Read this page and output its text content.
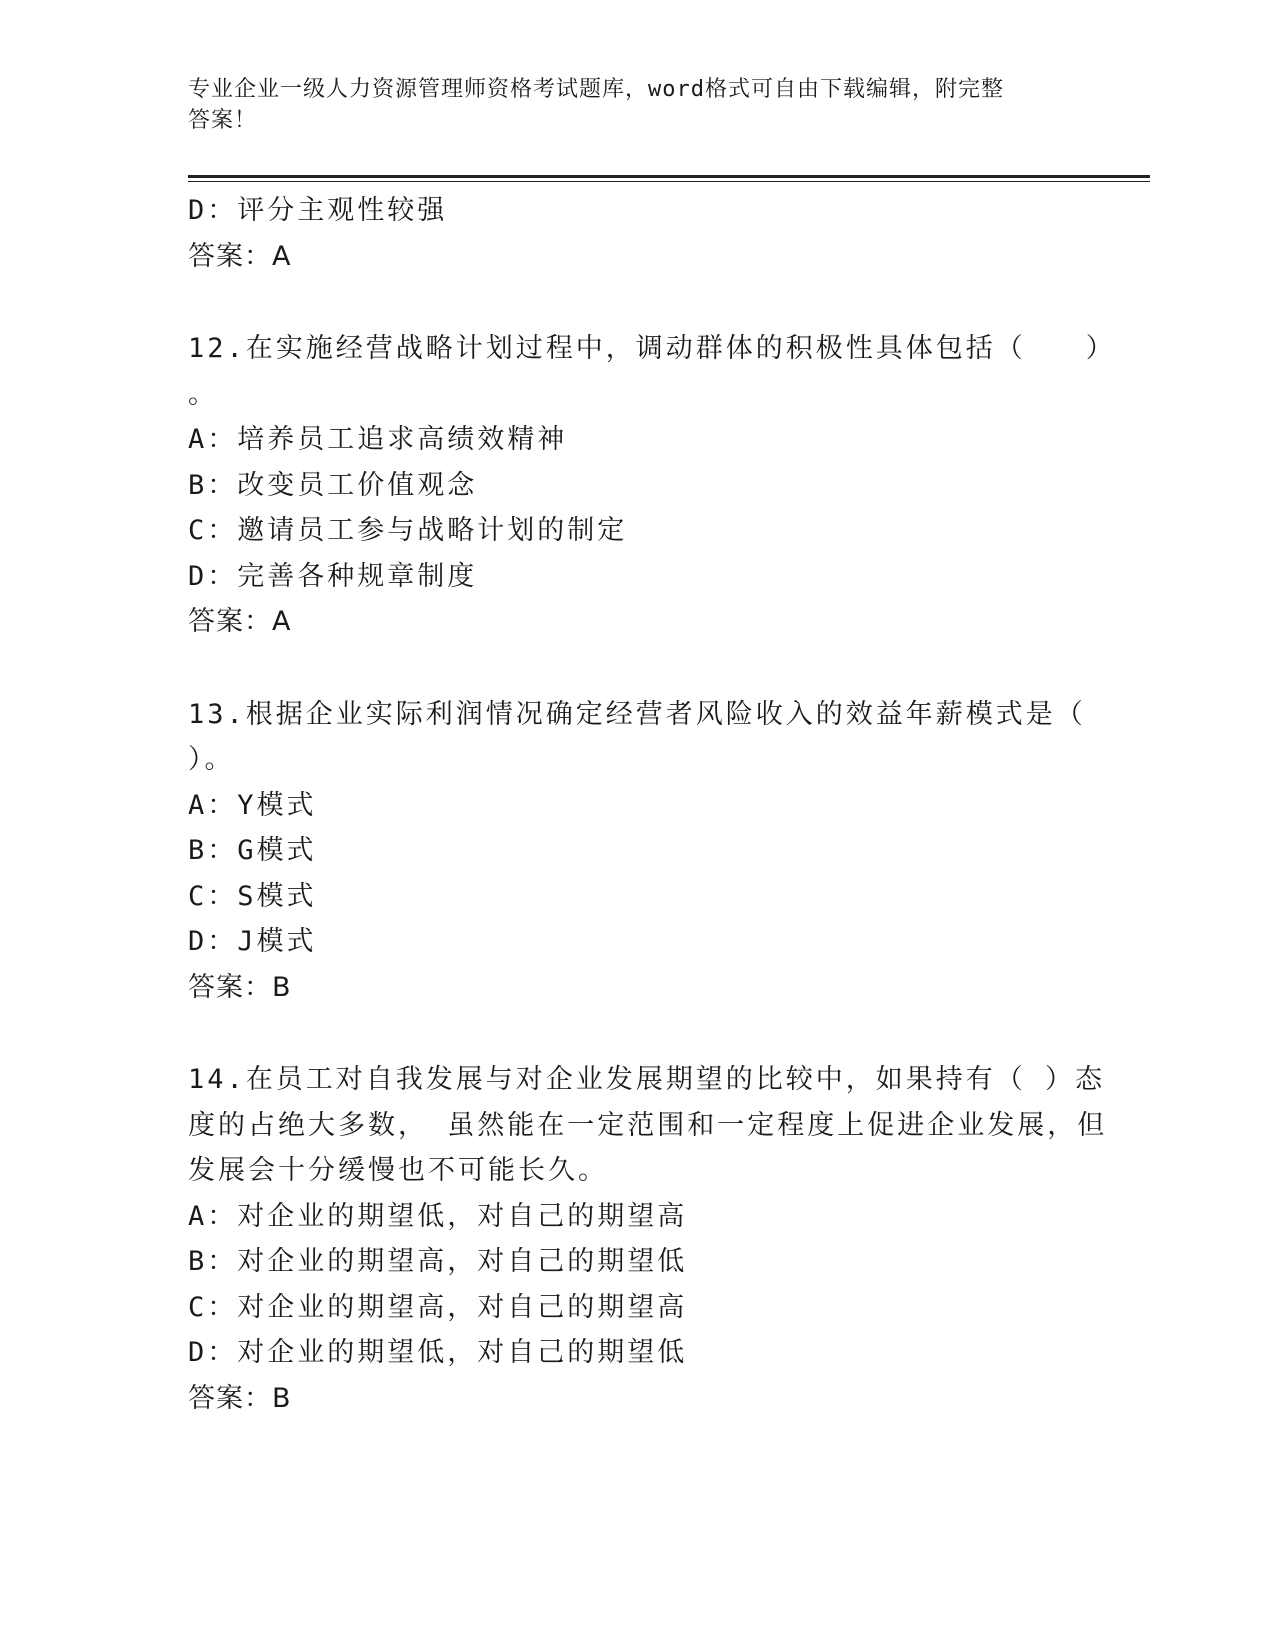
专业企业一级人力资源管理师资格考试题库，word格式可自由下载编辑，附完整
答案！
D：评分主观性较强
答案：A
12.在实施经营战略计划过程中，调动群体的积极性具体包括（　　）
。
A：培养员工追求高绩效精神
B：改变员工价值观念
C：邀请员工参与战略计划的制定
D：完善各种规章制度
答案：A
13.根据企业实际利润情况确定经营者风险收入的效益年薪模式是（
）。
A：Y模式
B：G模式
C：S模式
D：J模式
答案：B
14.在员工对自我发展与对企业发展期望的比较中，如果持有（ ）态
度的占绝大多数， 虽然能在一定范围和一定程度上促进企业发展，但
发展会十分缓慢也不可能长久。
A：对企业的期望低，对自己的期望高
B：对企业的期望高，对自己的期望低
C：对企业的期望高，对自己的期望高
D：对企业的期望低，对自己的期望低
答案：B
